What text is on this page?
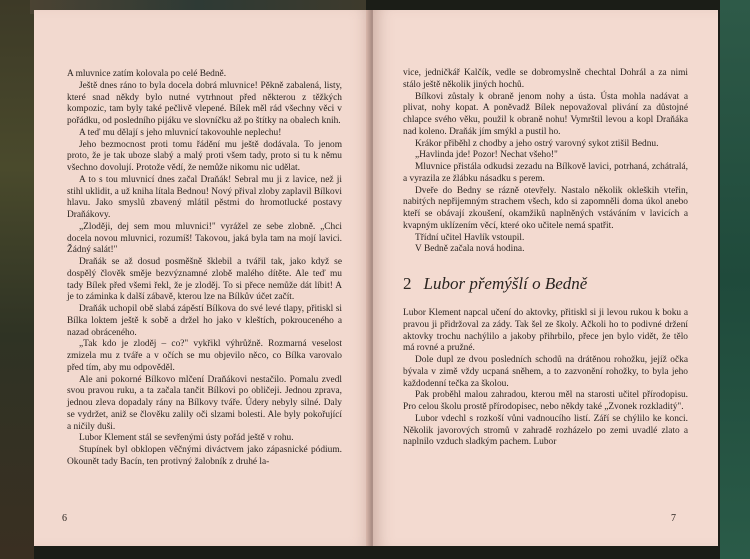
A mluvnice zatím kolovala po celé Bedně.

Ještě dnes ráno to byla docela dobrá mluvnice! Pěkně zabalená, listy, které snad někdy bylo nutné vytrhnout před některou z těžkých kompozic, tam byly také pečlivě vlepené. Bílek měl rád všechny věci v pořádku, od posledního pijáku ve slovníčku až po štítky na obalech knih.

A teď mu dělají s jeho mluvnicí takovouhle neplechu!

Jeho bezmocnost proti tomu řádění mu ještě dodávala. To jenom proto, že je tak uboze slabý a malý proti všem tady, proto si tu k němu všechno dovolují. Protože vědí, že nemůže nikomu nic udělat.

A to s tou mluvnicí dnes začal Draňák! Sebral mu ji z lavice, než ji stihl uklidit, a už kniha lítala Bednou! Nový přival zloby zaplavil Bílkovi hlavu. Jako smyslů zbavený mlátil pěstmi do hromotlucké postavy Draňákovy.

„Zloději, dej sem mou mluvnici!" vyrážel ze sebe zlobně. „Chci docela novou mluvnici, rozumíš! Takovou, jaká byla tam na mojí lavici. Žádný salát!"

Draňák se až dosud posměšně šklebil a tvářil tak, jako když se dospělý člověk směje bezvýznamné zlobě malého dítěte. Ale teď mu tady Bílek před všemi řekl, že je zloděj. To si přece nemůže dát líbit! A je to záminka k další zábavě, kterou lze na Bílkův účet začít.

Draňák uchopil obě slabá zápěstí Bílkova do své levé tlapy, přitiskl si Bílka loktem ještě k sobě a držel ho jako v kleštích, pokrouceného a nazad obráceného.

„Tak kdo je zloděj – co?" vykřikl výhrůžně. Rozmarná veselost zmizela mu z tváře a v očích se mu objevilo něco, co Bílka varovalo před tím, aby mu odpověděl.

Ale ani pokorné Bílkovo mlčení Draňákovi nestačilo. Pomalu zvedl svou pravou ruku, a ta začala tančit Bílkovi po obličeji. Jednou zprava, jednou zleva dopadaly rány na Bílkovy tváře. Údery nebyly silné. Daly se vydržet, aniž se člověku zalily oči slzami bolesti. Ale byly pokořující a ničily duši.

Lubor Klement stál se sevřenými ústy pořád ještě v rohu.

Stupínek byl obklopen věčnými diváctvem jako zápasnické pódium. Okounět tady Bacín, ten protivný žalobník z druhé la-

6

vice, jedničkář Kalčík, vedle se dobromyslně chechtal Dohrál a za nimi stálo ještě několik jiných hochů.

Bílkovi zůstaly k obraně jenom nohy a ústa. Ústa mohla nadávat a plivat, nohy kopat. A poněvadž Bílek nepovažoval plivání za důstojné chlapce svého věku, použil k obraně nohu! Vymrštil levou a kopl Draňáka nad koleno. Draňák jím smýkl a pustil ho.

Krákor přiběhl z chodby a jeho ostrý varovný sykot ztišil Bednu.

„Havlinda jde! Pozor! Nechat všeho!"

Mluvnice přistála odkudsi zezadu na Bílkově lavici, potrhaná, zchátralá, a vyrazila ze žlábku násadku s perem.

Dveře do Bedny se rázně otevřely. Nastalo několik okleških vteřin, nabitých nepřijemným strachem všech, kdo si zapomněli doma úkol anebo kteří se obávají zkoušení, okamžiků naplněných vstáváním v lavicích a kvapným uklízením věcí, které oko učitele nemá spatřit.

Třídní učitel Havlík vstoupil.

V Bedně začala nová hodina.

2 Lubor přemýšlí o Bedně

Lubor Klement napcal učení do aktovky, přitiskl si ji levou rukou k boku a pravou ji přidržoval za zády. Tak šel ze školy. Ačkoli ho to podivné držení aktovky trochu nachýlilo a jakoby přihrbilo, přece jen bylo vidět, že tělo má rovné a pružné.

Dole dupl ze dvou posledních schodů na drátěnou rohožku, jejíž očka bývala v zimě vždy ucpaná sněhem, a to zazvonění rohožky, to byla jeho každodenní tečka za školou.

Pak proběhl malou zahradou, kterou měl na starosti učitel přírodopisu. Pro celou školu prostě přírodopisec, nebo někdy také „Zvonek rozkladitý".

Lubor vdechl s rozkoší vůni vadnoucího listí. Září se chýlilo ke konci. Několik javorových stromů v zahradě rozházelo po zemi uvadlé zlato a naplnilo vzduch sladkým pachem. Lubor

7
